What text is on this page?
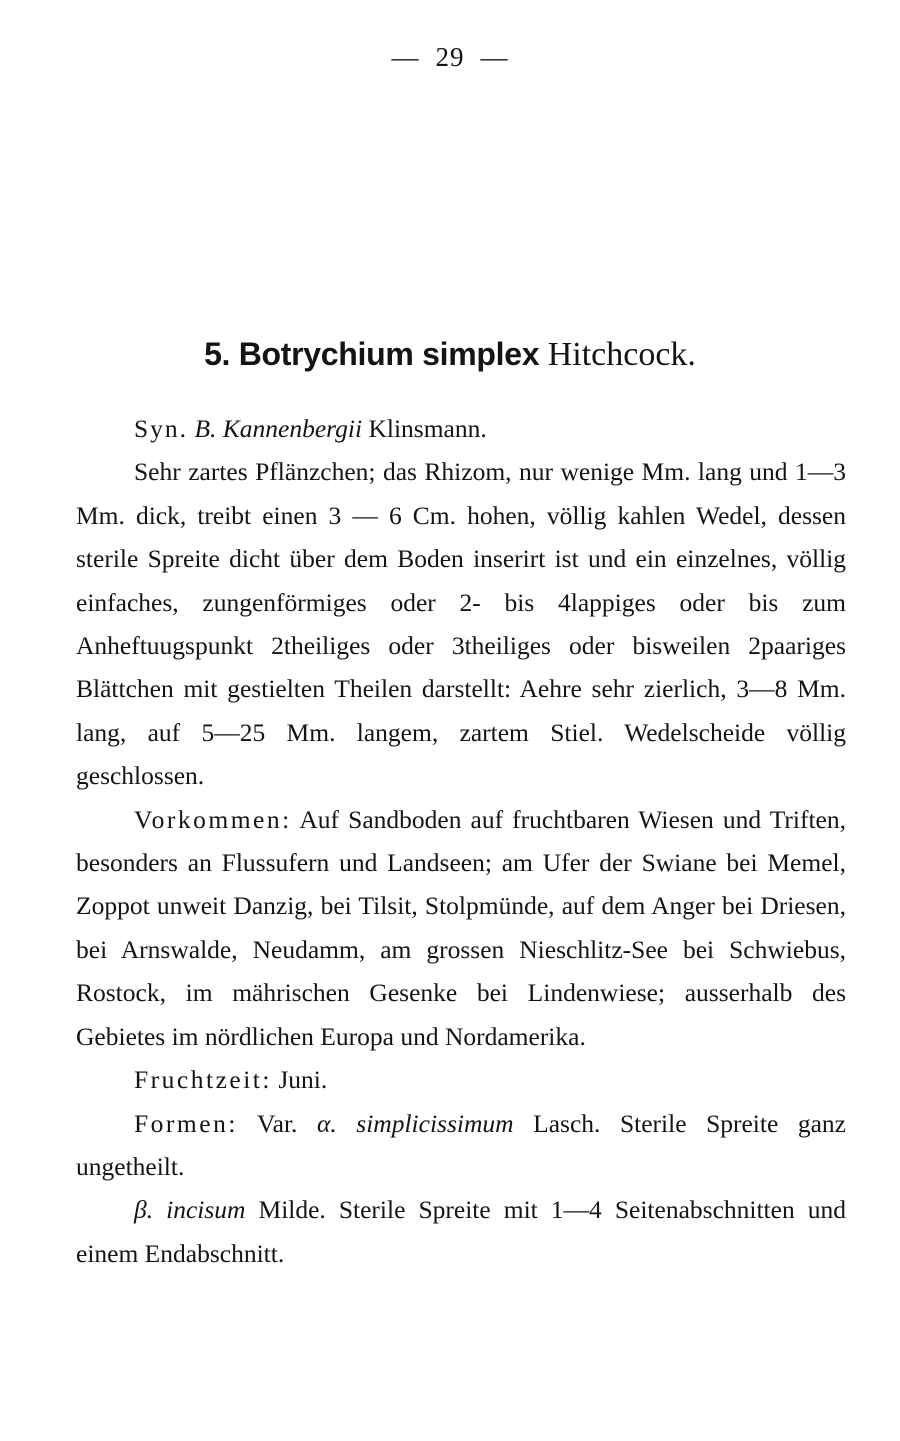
— 29 —
5. Botrychium simplex Hitchcock.

Syn. B. Kannenbergii Klinsmann.

Sehr zartes Pflänzchen; das Rhizom, nur wenige Mm. lang und 1—3 Mm. dick, treibt einen 3 — 6 Cm. hohen, völlig kahlen Wedel, dessen sterile Spreite dicht über dem Boden inserirt ist und ein einzelnes, völlig einfaches, zungenförmiges oder 2- bis 4lappiges oder bis zum Anheftuugspunkt 2theiliges oder 3theiliges oder bisweilen 2paariges Blättchen mit gestielten Theilen darstellt: Aehre sehr zierlich, 3—8 Mm. lang, auf 5—25 Mm. langem, zartem Stiel. Wedelscheide völlig geschlossen.

Vorkommen: Auf Sandboden auf fruchtbaren Wiesen und Triften, besonders an Flussufern und Landseen; am Ufer der Swiane bei Memel, Zoppot unweit Danzig, bei Tilsit, Stolpmünde, auf dem Anger bei Driesen, bei Arnswalde, Neudamm, am grossen Nieschlitz-See bei Schwiebus, Rostock, im mährischen Gesenke bei Lindenwiese; ausserhalb des Gebietes im nördlichen Europa und Nordamerika.

Fruchtzeit: Juni.

Formen: Var. α. simplicissimum Lasch. Sterile Spreite ganz ungetheilt.

β. incisum Milde. Sterile Spreite mit 1—4 Seitenabschnitten und einem Endabschnitt.
